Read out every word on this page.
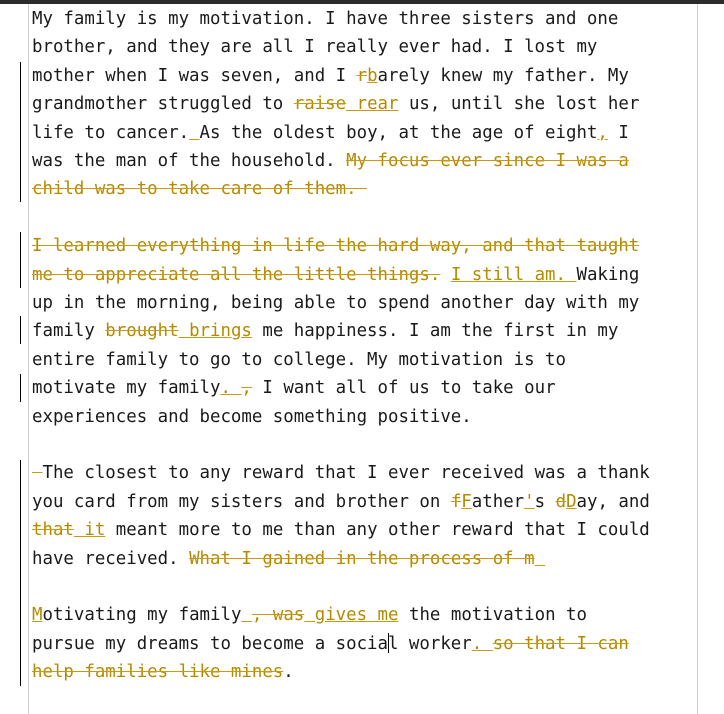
My family is my motivation. I have three sisters and one
brother, and they are all I really ever had. I lost my
mother when I was seven, and I rbarely knew my father. My
grandmother struggled to raise rear us, until she lost her
life to cancer. As the oldest boy, at the age of eight, I
was the man of the household. My focus ever since I was a
child was to take care of them.
I learned everything in life the hard way, and that taught
me to appreciate all the little things. I still am. Waking
up in the morning, being able to spend another day with my
family brought brings me happiness. I am the first in my
entire family to go to college. My motivation is to
motivate my family. , I want all of us to take our
experiences and become something positive.
The closest to any reward that I ever received was a thank
you card from my sisters and brother on fFather's dDay, and
that it meant more to me than any other reward that I could
have received. What I gained in the process of m
Motivating my family , was gives me the motivation to
pursue my dreams to become a social worker. so that I can
help families like mines.
